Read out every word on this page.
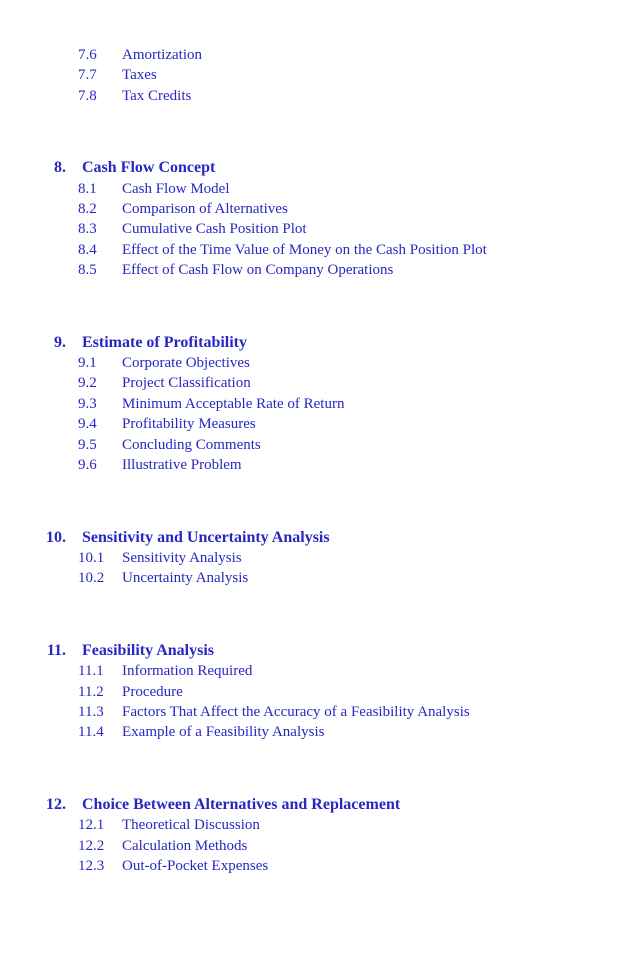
7.6	Amortization
7.7	Taxes
7.8	Tax Credits
8. Cash Flow Concept
8.1	Cash Flow Model
8.2	Comparison of Alternatives
8.3	Cumulative Cash Position Plot
8.4	Effect of the Time Value of Money on the Cash Position Plot
8.5	Effect of Cash Flow on Company Operations
9. Estimate of Profitability
9.1	Corporate Objectives
9.2	Project Classification
9.3	Minimum Acceptable Rate of Return
9.4	Profitability Measures
9.5	Concluding Comments
9.6	Illustrative Problem
10. Sensitivity and Uncertainty Analysis
10.1	Sensitivity Analysis
10.2	Uncertainty Analysis
11. Feasibility Analysis
11.1	Information Required
11.2	Procedure
11.3	Factors That Affect the Accuracy of a Feasibility Analysis
11.4	Example of a Feasibility Analysis
12. Choice Between Alternatives and Replacement
12.1	Theoretical Discussion
12.2	Calculation Methods
12.3	Out-of-Pocket Expenses
